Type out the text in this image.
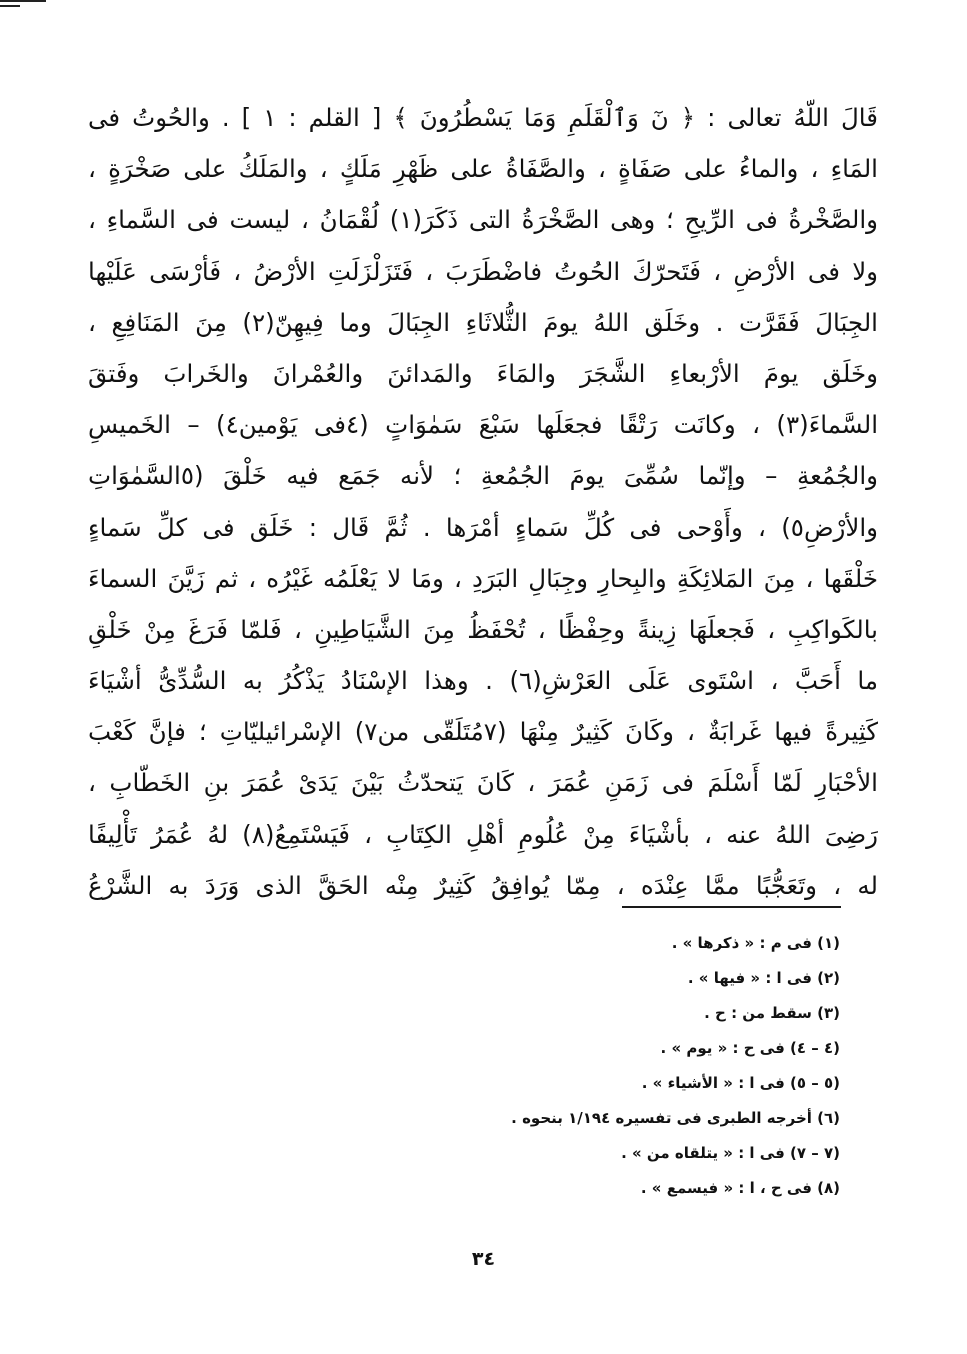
قَالَ اللّهُ تعالى : ﴿ نٓ وَٱلْقَلَمِ وَمَا يَسْطُرُونَ ﴾ [ القلم : ١ ] . والحُوتُ فى
المَاءِ ، والماءُ على صَفَاةٍ ، والصَّفَاةُ على ظَهْرِ مَلَكٍ ، والمَلَكُ على صَخْرَةٍ ،
والصَّخْرةُ فى الرِّيحِ ؛ وهى الصَّخْرَةُ التى ذَكَرَ(١) لُقْمَانُ ، ليست فى السَّماءِ ،
ولا فى الأرْضِ ، فَتَحرّكَ الحُوتُ فاضْطَرَبَ ، فَتَزَلْزَلَتِ الأرْضُ ، فَأرْسَى عَلَيْها
الجِبَالَ فَقَرَّت . وخَلَق اللهُ يومَ الثُّلاثَاءِ الجِبَالَ وما فِيهِنّ(٢) مِنَ المَنَافِعِ ،
وخَلَق يومَ الأرْبعاءِ الشَّجَرَ والمَاءَ والمَدائنَ والعُمْرانَ والخَرابَ وفَتقَ
السَّماءَ(٣) ، وكانَت رَتْقًا فجعَلَها سَبْعَ سَمٰوَاتٍ (٤فى يَوْمين٤) – الخَميسِ
والجُمُعةِ – وإنّما سُمِّىَ يومَ الجُمُعةِ ؛ لأنه جَمَع فيه خَلْقَ (٥السَّمٰوَاتِ
والأرْضِ٥) ، وأَوْحى فى كُلِّ سَماءٍ أمْرَها . ثُمَّ قَال : خَلَق فى كلِّ سَماءٍ
خَلْقَها ، مِنَ المَلائِكَةِ والبِحارِ وجِبَالِ البَرَدِ ، ومَا لا يَعْلَمُه غَيْرُه ، ثم زَيَّنَ السماءَ
بالكَواكِبِ ، فَجعلَهَا زِينةً وحِفْظًا ، تُحْفَظُ مِنَ الشَّيَاطِينِ ، فَلمّا فَرَغَ مِنْ خَلْقِ
ما أَحَبَّ ، اسْتَوى عَلَى العَرْشِ(٦) . وهذا الإسْنَادُ يَذْكُرُ به السُّدِّىُّ أشْيَاءَ
كَثِيرةً فيها غَرابَةٌ ، وكَانَ كَثِيرٌ مِنْهَا (٧مُتَلَقّى من٧) الإسْرائيليّاتِ ؛ فإنَّ كَعْبَ
الأحْبَارِ لَمّا أَسْلَمَ فى زَمَنِ عُمَرَ ، كَانَ يَتحدّثُ بَيْنَ يَدَىْ عُمَرَ بنِ الخَطّابِ ،
رَضِىَ اللهُ عنه ، بأشْيَاءَ مِنْ عُلُومِ أهْلِ الكِتَابِ ، فَيَسْتَمِعُ(٨) لهُ عُمَرُ تَأْلِيفًا
له ، وتَعَجُّبًا ممَّا عِنْدَه ، مِمّا يُوافِقُ كَثِيرٌ مِنْه الحَقَّ الذى وَرَدَ به الشَّرْعُ
(١) فى م : « ذكرها » .
(٢) فى ا : « فيها » .
(٣) سقط من : ح .
(٤ – ٤) فى ح : « يوم » .
(٥ – ٥) فى ا : « الأشياء » .
(٦) أخرجه الطبرى فى تفسيره ١/١٩٤ بنحوه .
(٧ – ٧) فى ا : « يتلقاه من » .
(٨) فى ح ، ا : « فيسمع » .
٣٤
